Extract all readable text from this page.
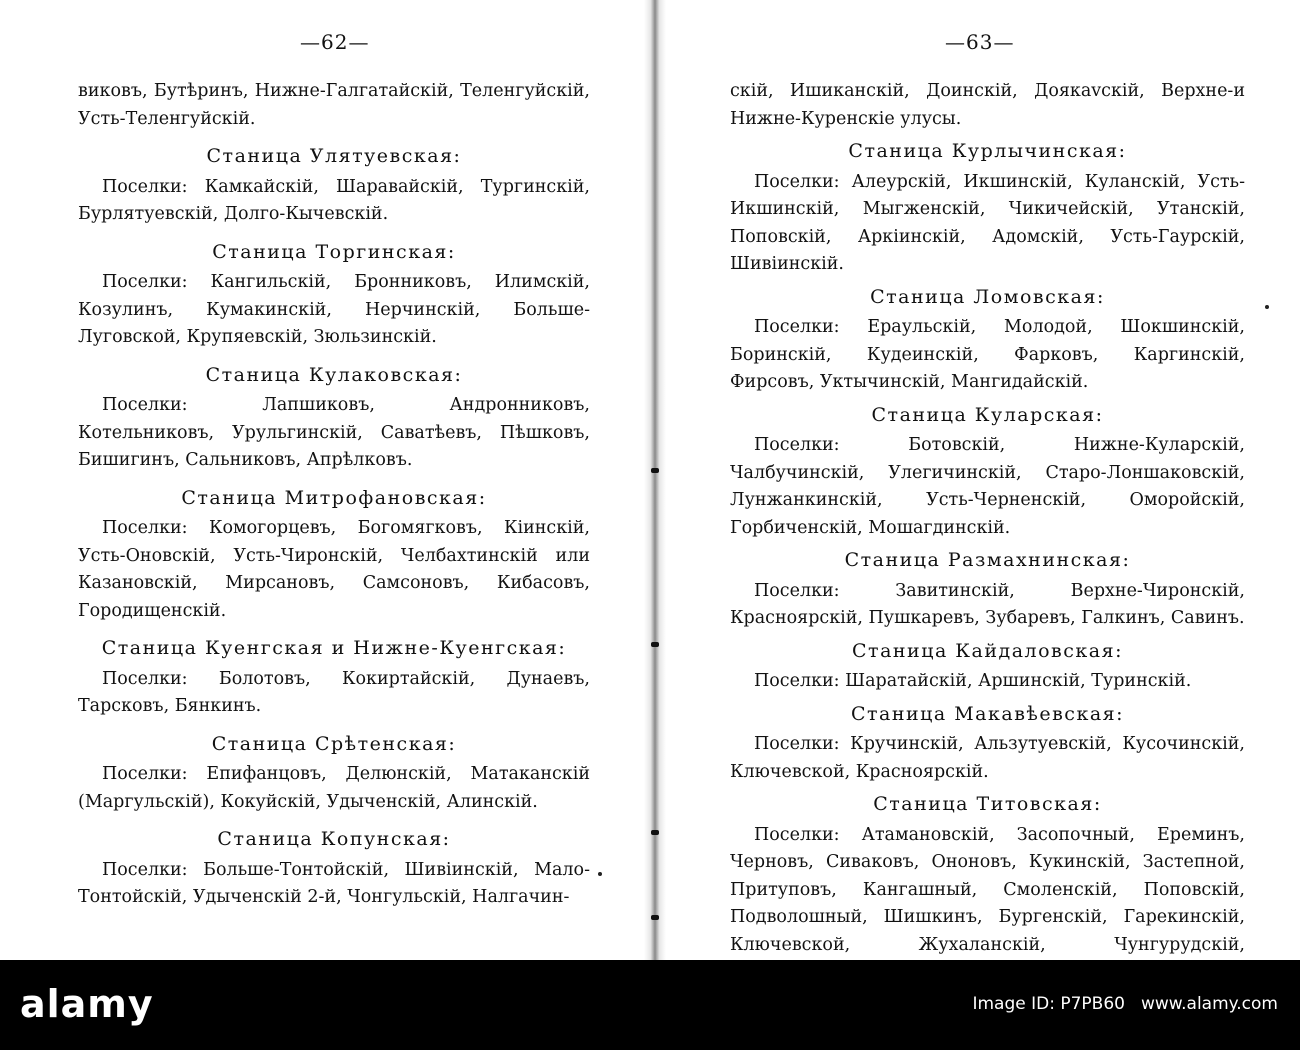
—62—
виковъ, Бутѣринъ, Нижне-Галгатайскій, Теленгуйскій, Усть-Теленгуйскій.
Станица Улятуевская:
Поселки: Камкайскій, Шаравайскій, Тургинскій, Бурлятуевскій, Долго-Кычевскій.
Станица Торгинская:
Поселки: Кангильскій, Бронниковъ, Илимскій, Козулинъ, Кумакинскій, Нерчинскій, Больше-Луговской, Крупяевскій, Зюльзинскій.
Станица Кулаковская:
Поселки: Лапшиковъ, Андронниковъ, Котельниковъ, Урульгинскій, Саватѣевъ, Пѣшковъ, Бишигинъ, Сальниковъ, Апрѣлковъ.
Станица Митрофановская:
Поселки: Комогорцевъ, Богомягковъ, Кiинскій, Усть-Оновскій, Усть-Чиронскій, Челбахтинскій или Казановскій, Мирсановъ, Самсоновъ, Кибасовъ, Городищенскій.
Станица Куенгская и Нижне-Куенгская:
Поселки: Болотовъ, Кокиртайскій, Дунаевъ, Тарсковъ, Бянкинъ.
Станица Срѣтенская:
Поселки: Епифанцовъ, Делюнскій, Матаканскій (Маргульскій), Кокуйскій, Удыченскій, Алинскій.
Станица Копунская:
Поселки: Больше-Тонтойскій, Шивiинскій, Мало-Тонтойскій, Удыченскій 2-й, Чонгульскій, Налгачин-
—63—
скій, Ишиканскій, Доинскій, Доякаvскій, Верхне-и Нижне-Куренскіе улусы.
Станица Курлычинская:
Поселки: Алеурскій, Икшинскій, Куланскій, Усть-Икшинскій, Мыгженскій, Чикичейскій, Утанскій, Поповскій, Аркiинскій, Адомскій, Усть-Гаурскій, Шивiинскій.
Станица Ломовская:
Поселки: Ераульскій, Молодой, Шокшинскій, Боринскій, Кудеинскій, Фарковъ, Каргинскій, Фирсовъ, Уктычинскій, Мангидайскій.
Станица Куларская:
Поселки: Ботовскій, Нижне-Куларскій, Чалбучинскій, Улегичинскій, Старо-Лоншаковскій, Лунжанкинскій, Усть-Черненскій, Оморойскій, Горбиченскій, Мошагдинскій.
Станица Размахнинская:
Поселки: Завитинскій, Верхне-Чиронскій, Красноярскій, Пушкаревъ, Зубаревъ, Галкинъ, Савинъ.
Станица Кайдаловская:
Поселки: Шаратайскій, Аршинскій, Туринскій.
Станица Макавѣевская:
Поселки: Кручинскій, Альзутуевскій, Кусочинскій, Ключевской, Красноярскій.
Станица Титовская:
Поселки: Атамановскій, Засопочный, Ереминъ, Черновъ, Сиваковъ, Ононовъ, Кукинскій, Застепной, Притуповъ, Кангашный, Смоленскій, Поповскій, Подволошный, Шишкинъ, Бургенскій, Гарекинскій, Ключевской, Жухаланскій, Чунгурудскій,
alamy	Image ID: P7PB60 www.alamy.com
